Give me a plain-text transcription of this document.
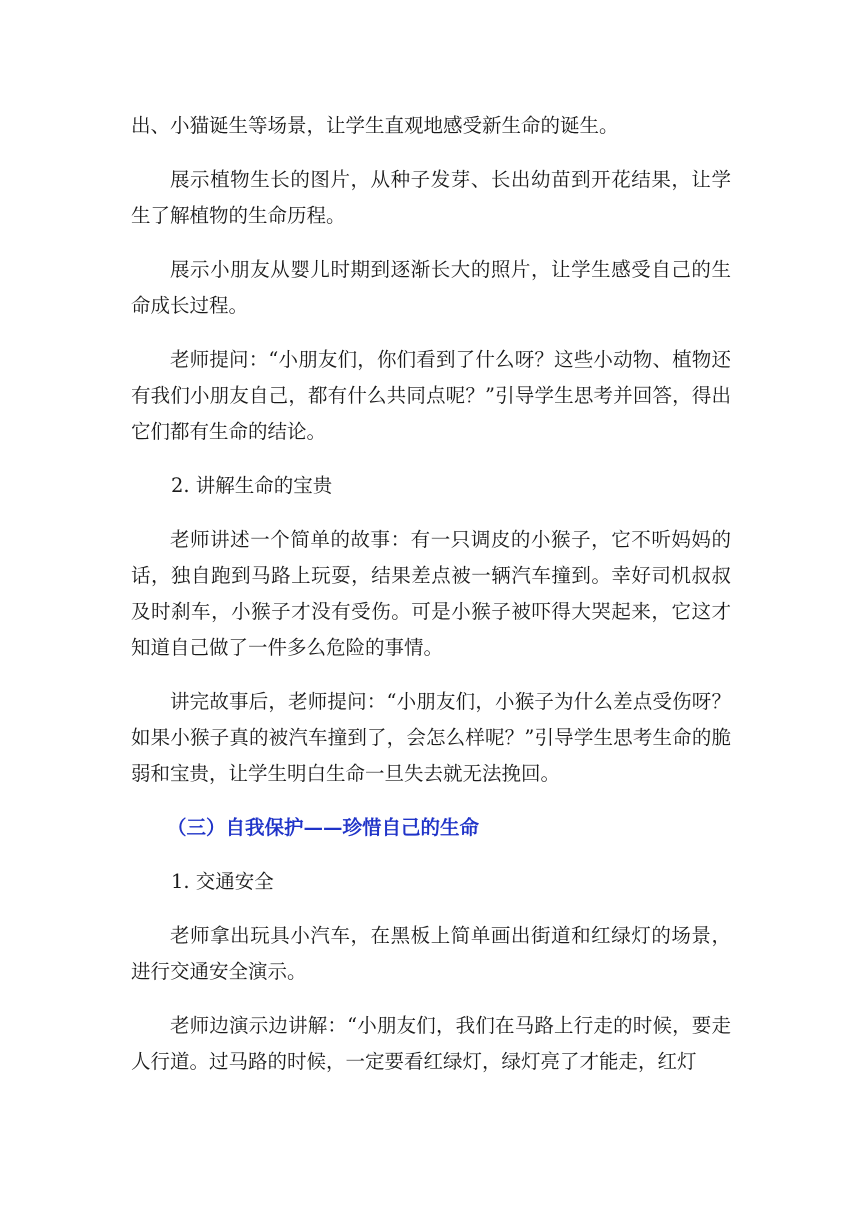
出、小猫诞生等场景，让学生直观地感受新生命的诞生。

展示植物生长的图片，从种子发芽、长出幼苗到开花结果，让学生了解植物的生命历程。

展示小朋友从婴儿时期到逐渐长大的照片，让学生感受自己的生命成长过程。

老师提问：“小朋友们，你们看到了什么呀？这些小动物、植物还有我们小朋友自己，都有什么共同点呢？”引导学生思考并回答，得出它们都有生命的结论。

2. 讲解生命的宝贵

老师讲述一个简单的故事：有一只调皮的小猴子，它不听妈妈的话，独自跑到马路上玩耍，结果差点被一辆汽车撞到。幸好司机叔叔及时刹车，小猴子才没有受伤。可是小猴子被吓得大哭起来，它这才知道自己做了一件多么危险的事情。

讲完故事后，老师提问：“小朋友们，小猴子为什么差点受伤呀？如果小猴子真的被汽车撞到了，会怎么样呢？”引导学生思考生命的脆弱和宝贵，让学生明白生命一旦失去就无法挽回。

（三）自我保护——珍惜自己的生命

1. 交通安全

老师拿出玩具小汽车，在黑板上简单画出街道和红绿灯的场景，进行交通安全演示。

老师边演示边讲解：“小朋友们，我们在马路上行走的时候，要走人行道。过马路的时候，一定要看红绿灯，绿灯亮了才能走，红灯
